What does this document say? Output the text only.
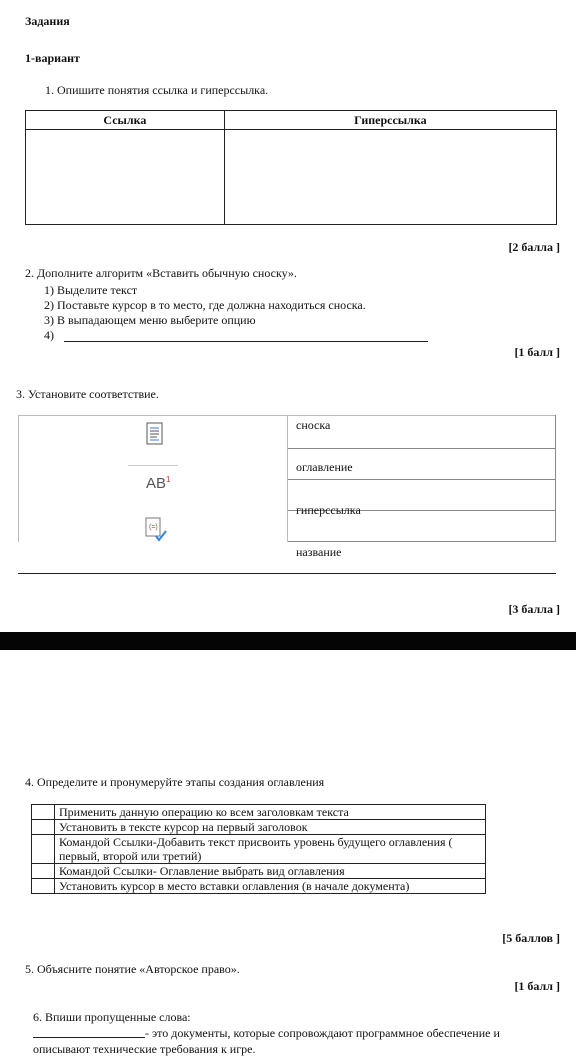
Задания
1-вариант
1. Опишите понятия ссылка и гиперссылка.
Ссылка	Гиперссылка

[2 балла ]
2. Дополните алгоритм «Вставить обычную сноску».
1) Выделите текст
2) Поставьте курсор в то место, где должна находиться сноска.
3) В выпадающем меню выберите опцию
4)
[1 балл ]
3. Установите соответствие.
$AB^1$
(=)
сноска
оглавление
гиперссылка
название
[3 балла ]
4. Определите и пронумеруйте этапы создания оглавления
	Применить данную операцию ко всем заголовкам текста
	Установить в тексте курсор на первый заголовок
	Командой Ссылки-Добавить текст присвоить уровень будущего оглавления ( первый, второй или третий)
	Командой Ссылки- Оглавление выбрать вид оглавления
	Установить курсор в место вставки оглавления (в начале документа)
[5 баллов ]
5. Объясните понятие «Авторское право».
[1 балл ]
6. Впиши пропущенные слова:
- это документы, которые сопровождают программное обеспечение и
описывают технические требования к игре.
